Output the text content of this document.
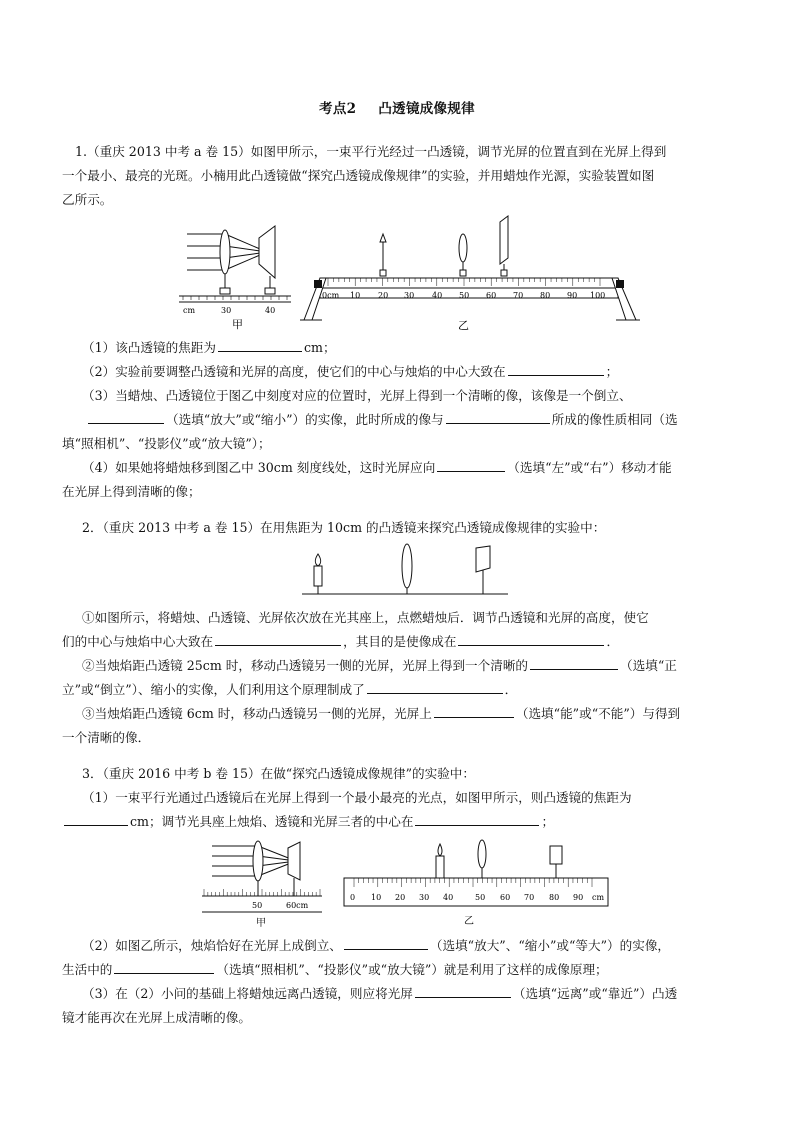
考点2 凸透镜成像规律
1.（重庆 2013 中考 a 卷 15）如图甲所示，一束平行光经过一凸透镜，调节光屏的位置直到在光屏上得到
一个最小、最亮的光斑。小楠用此凸透镜做“探究凸透镜成像规律”的实验，并用蜡烛作光源，实验装置如图
乙所示。
cm	30	40
甲
0cm 10 20 30 40 50 60 70 80 90 100
乙
（1）该凸透镜的焦距为	cm；
（2）实验前要调整凸透镜和光屏的高度，使它们的中心与烛焰的中心大致在	；
（3）当蜡烛、凸透镜位于图乙中刻度对应的位置时，光屏上得到一个清晰的像，该像是一个倒立、
（选填“放大”或“缩小”）的实像，此时所成的像与	所成的像性质相同（选
填“照相机”、“投影仪”或“放大镜”）；
（4）如果她将蜡烛移到图乙中 30cm 刻度线处，这时光屏应向	（选填“左”或“右”）移动才能
在光屏上得到清晰的像；
2．（重庆 2013 中考 a 卷 15）在用焦距为 10cm 的凸透镜来探究凸透镜成像规律的实验中：
①如图所示，将蜡烛、凸透镜、光屏依次放在光其座上，点燃蜡烛后．调节凸透镜和光屏的高度，使它
们的中心与烛焰中心大致在	，其目的是使像成在	．
②当烛焰距凸透镜 25cm 时，移动凸透镜另一侧的光屏，光屏上得到一个清晰的	（选填“正
立”或“倒立”）、缩小的实像，人们利用这个原理制成了	．
③当烛焰距凸透镜 6cm 时，移动凸透镜另一侧的光屏，光屏上	（选填“能”或“不能”）与得到
一个清晰的像．
3．（重庆 2016 中考 b 卷 15）在做“探究凸透镜成像规律”的实验中：
（1）一束平行光通过凸透镜后在光屏上得到一个最小最亮的光点，如图甲所示，则凸透镜的焦距为
cm；调节光具座上烛焰、透镜和光屏三者的中心在	；
50	60cm
甲
0 10 20 30 40	50 60 70 80 90 cm
乙
（2）如图乙所示，烛焰恰好在光屏上成倒立、	（选填“放大”、“缩小”或“等大”）的实像，
生活中的	（选填“照相机”、“投影仪”或“放大镜”）就是利用了这样的成像原理；
（3）在（2）小问的基础上将蜡烛远离凸透镜，则应将光屏	（选填“远离”或“靠近”）凸透
镜才能再次在光屏上成清晰的像。
